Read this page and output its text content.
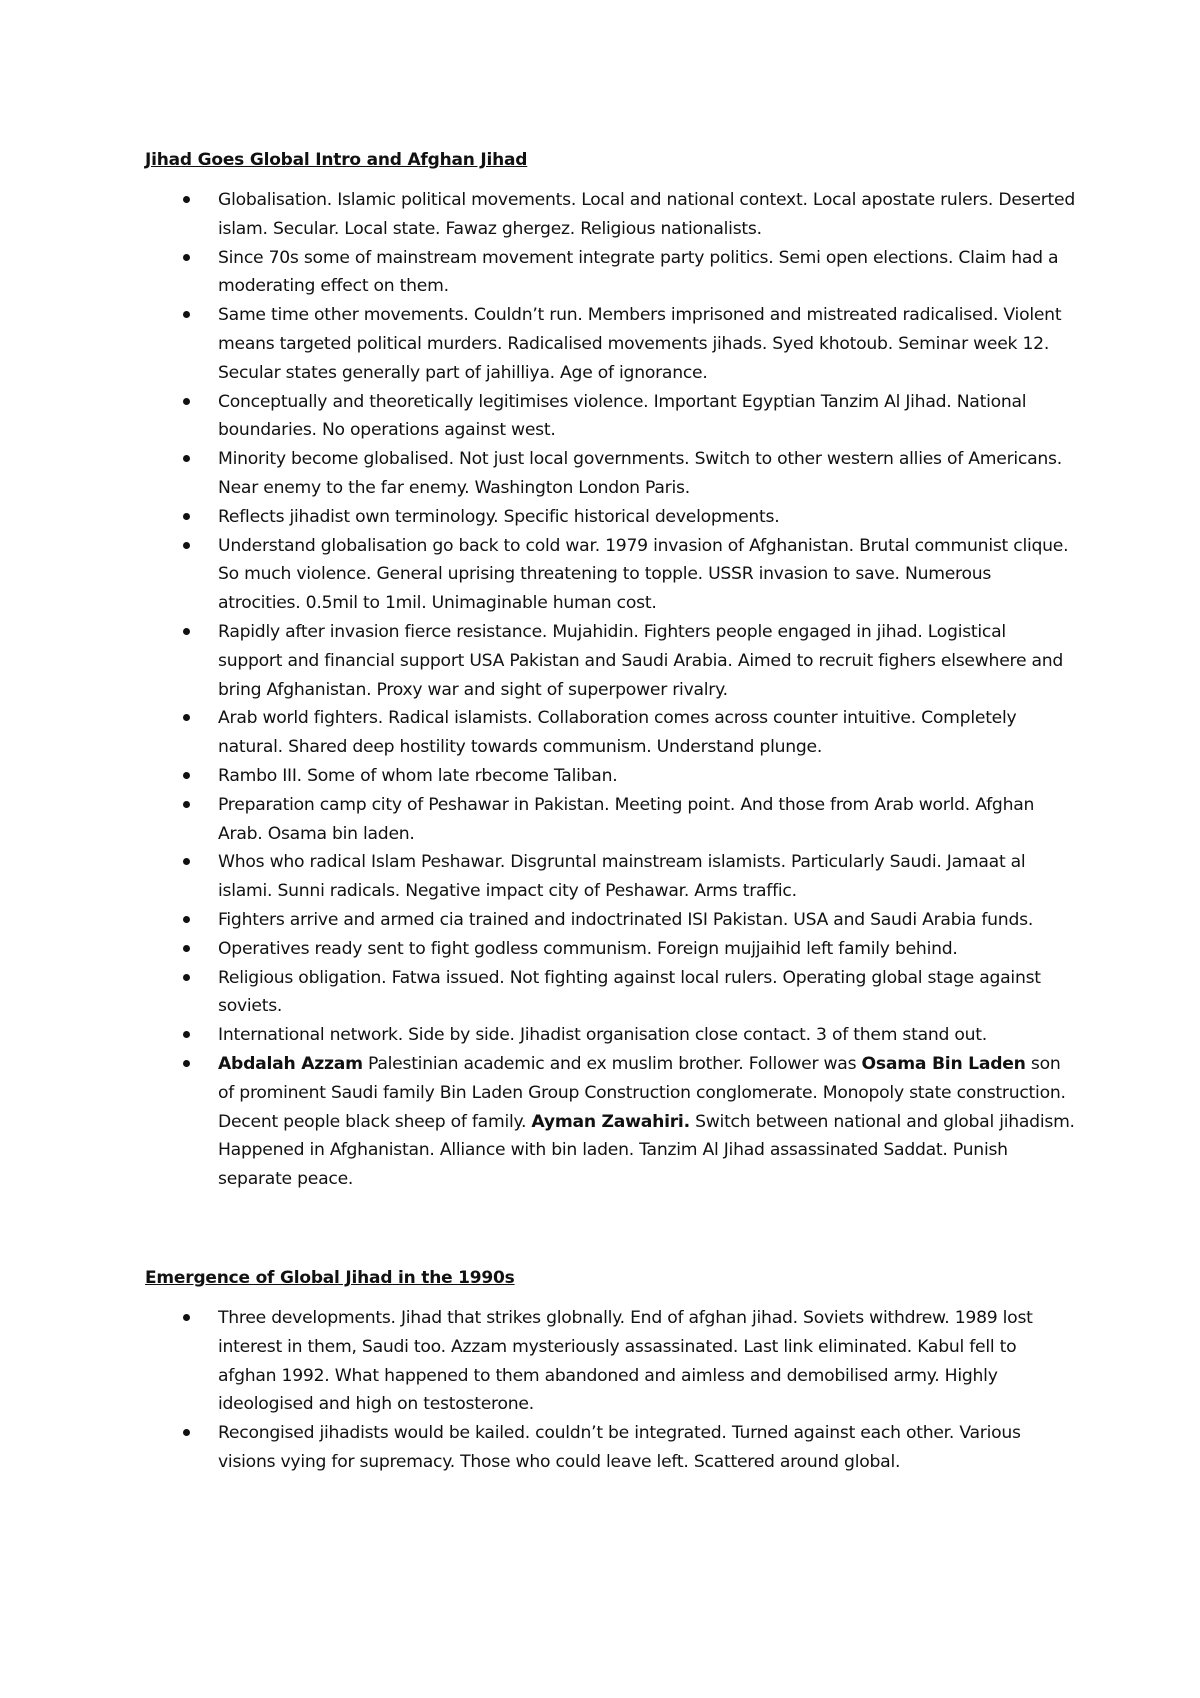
Jihad Goes Global Intro and Afghan Jihad
Globalisation. Islamic political movements. Local and national context. Local apostate rulers. Deserted islam. Secular. Local state. Fawaz ghergez. Religious nationalists.
Since 70s some of mainstream movement integrate party politics. Semi open elections. Claim had a moderating effect on them.
Same time other movements. Couldn’t run. Members imprisoned and mistreated radicalised. Violent means targeted political murders. Radicalised movements jihads. Syed khotoub. Seminar week 12. Secular states generally part of jahilliya. Age of ignorance.
Conceptually and theoretically legitimises violence. Important Egyptian Tanzim Al Jihad. National boundaries. No operations against west.
Minority become globalised. Not just local governments. Switch to other western allies of Americans. Near enemy to the far enemy. Washington London Paris.
Reflects jihadist own terminology. Specific historical developments.
Understand globalisation go back to cold war. 1979 invasion of Afghanistan. Brutal communist clique. So much violence. General uprising threatening to topple. USSR invasion to save. Numerous atrocities. 0.5mil to 1mil. Unimaginable human cost.
Rapidly after invasion fierce resistance. Mujahidin. Fighters people engaged in jihad. Logistical support and financial support USA Pakistan and Saudi Arabia. Aimed to recruit fighers elsewhere and bring Afghanistan. Proxy war and sight of superpower rivalry.
Arab world fighters. Radical islamists. Collaboration comes across counter intuitive. Completely natural. Shared deep hostility towards communism. Understand plunge.
Rambo III. Some of whom late rbecome Taliban.
Preparation camp city of Peshawar in Pakistan. Meeting point. And those from Arab world. Afghan Arab. Osama bin laden.
Whos who radical Islam Peshawar. Disgruntal mainstream islamists. Particularly Saudi. Jamaat al islami. Sunni radicals. Negative impact city of Peshawar. Arms traffic.
Fighters arrive and armed cia trained and indoctrinated ISI Pakistan. USA and Saudi Arabia funds.
Operatives ready sent to fight godless communism. Foreign mujjaihid left family behind.
Religious obligation. Fatwa issued. Not fighting against local rulers. Operating global stage against soviets.
International network. Side by side. Jihadist organisation close contact. 3 of them stand out.
Abdalah Azzam Palestinian academic and ex muslim brother. Follower was Osama Bin Laden son of prominent Saudi family Bin Laden Group Construction conglomerate. Monopoly state construction. Decent people black sheep of family. Ayman Zawahiri. Switch between national and global jihadism. Happened in Afghanistan. Alliance with bin laden. Tanzim Al Jihad assassinated Saddat. Punish separate peace.
Emergence of Global Jihad in the 1990s
Three developments. Jihad that strikes globnally. End of afghan jihad. Soviets withdrew. 1989 lost interest in them, Saudi too. Azzam mysteriously assassinated. Last link eliminated. Kabul fell to afghan 1992. What happened to them abandoned and aimless and demobilised army. Highly ideologised and high on testosterone.
Recongised jihadists would be kailed. couldn’t be integrated. Turned against each other. Various visions vying for supremacy. Those who could leave left. Scattered around global.
